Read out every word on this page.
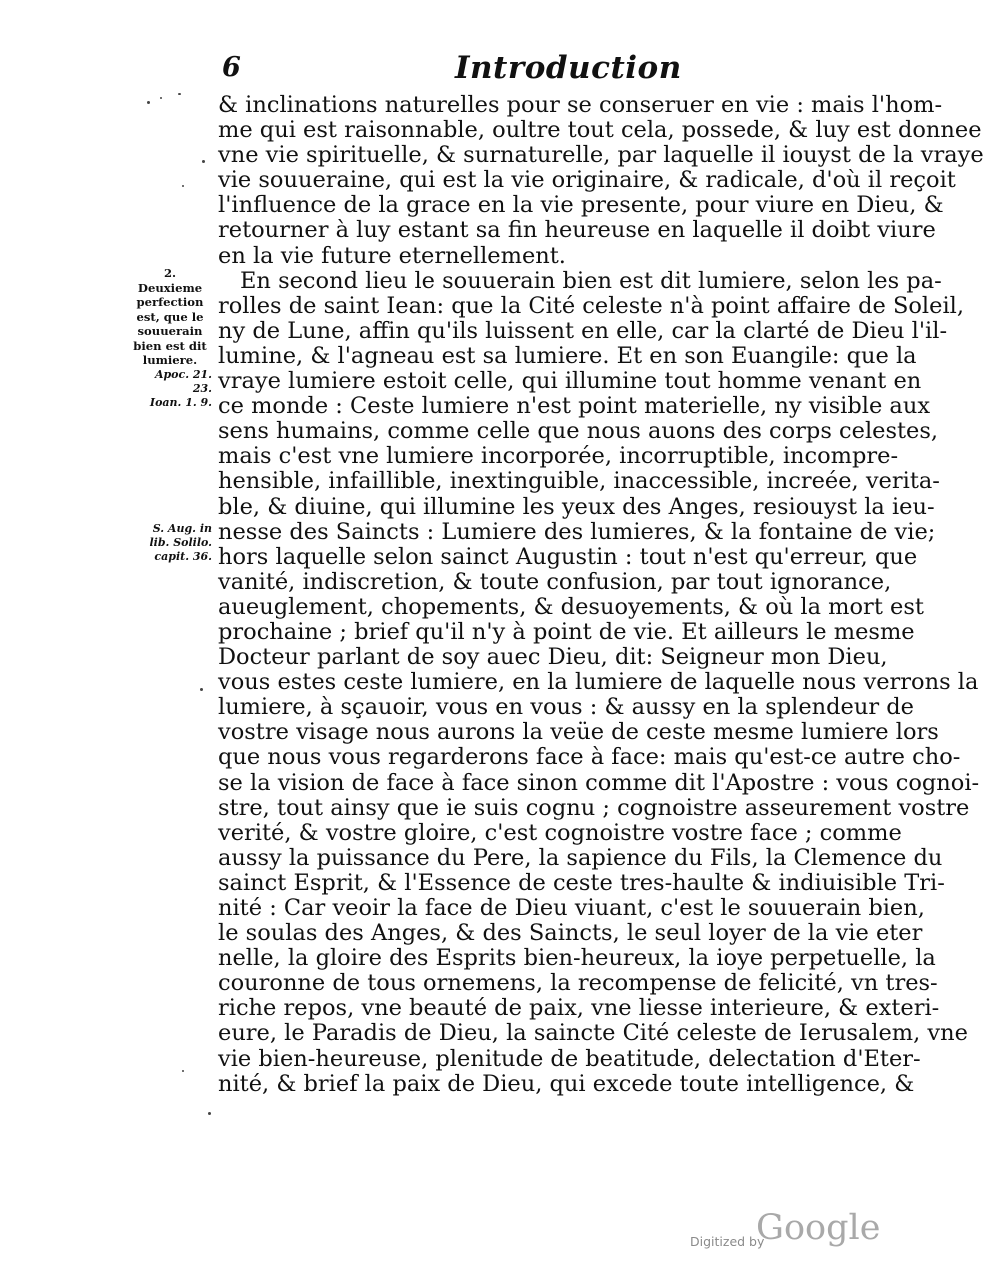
6	Introduction
& inclinations naturelles pour se conseruer en vie : mais l'hom-
me qui est raisonnable, oultre tout cela, possede, & luy est donnee
vne vie spirituelle, & surnaturelle, par laquelle il iouyst de la vraye
vie souueraine, qui est la vie originaire, & radicale, d'où il reçoit
l'influence de la grace en la vie presente, pour viure en Dieu, &
retourner à luy estant sa fin heureuse en laquelle il doibt viure
en la vie future eternellement.
En second lieu le souuerain bien est dit lumiere, selon les pa-
rolles de saint Iean: que la Cité celeste n'à point affaire de Soleil,
ny de Lune, affin qu'ils luissent en elle, car la clarté de Dieu l'il-
lumine, & l'agneau est sa lumiere. Et en son Euangile: que la
vraye lumiere estoit celle, qui illumine tout homme venant en
ce monde : Ceste lumiere n'est point materielle, ny visible aux
sens humains, comme celle que nous auons des corps celestes,
mais c'est vne lumiere incorporée, incorruptible, incompre-
hensible, infaillible, inextinguible, inaccessible, increée, verita-
ble, & diuine, qui illumine les yeux des Anges, resiouyst la ieu-
nesse des Saincts : Lumiere des lumieres, & la fontaine de vie;
hors laquelle selon sainct Augustin : tout n'est qu'erreur, que
vanité, indiscretion, & toute confusion, par tout ignorance,
aueuglement, chopements, & desuoyements, & où la mort est
prochaine ; brief qu'il n'y à point de vie. Et ailleurs le mesme
Docteur parlant de soy auec Dieu, dit: Seigneur mon Dieu,
vous estes ceste lumiere, en la lumiere de laquelle nous verrons la
lumiere, à sçauoir, vous en vous : & aussy en la splendeur de
vostre visage nous aurons la veüe de ceste mesme lumiere lors
que nous vous regarderons face à face: mais qu'est-ce autre cho-
se la vision de face à face sinon comme dit l'Apostre : vous cognoi-
stre, tout ainsy que ie suis cognu ; cognoistre asseurement vostre
verité, & vostre gloire, c'est cognoistre vostre face ; comme
aussy la puissance du Pere, la sapience du Fils, la Clemence du
sainct Esprit, & l'Essence de ceste tres-haulte & indiuisible Tri-
nité : Car veoir la face de Dieu viuant, c'est le souuerain bien,
le soulas des Anges, & des Saincts, le seul loyer de la vie eter
nelle, la gloire des Esprits bien-heureux, la ioye perpetuelle, la
couronne de tous ornemens, la recompense de felicité, vn tres-
riche repos, vne beauté de paix, vne liesse interieure, & exteri-
eure, le Paradis de Dieu, la saincte Cité celeste de Ierusalem, vne
vie bien-heureuse, plenitude de beatitude, delectation d'Eter-
nité, & brief la paix de Dieu, qui excede toute intelligence, &
2.
Deuxieme
perfection
est, que le
souuerain
bien est dit
lumiere.
Apoc. 21.
23.
Ioan. 1. 9.
S. Aug. in
lib. Solilo.
capit. 36.
Digitized by
Google
